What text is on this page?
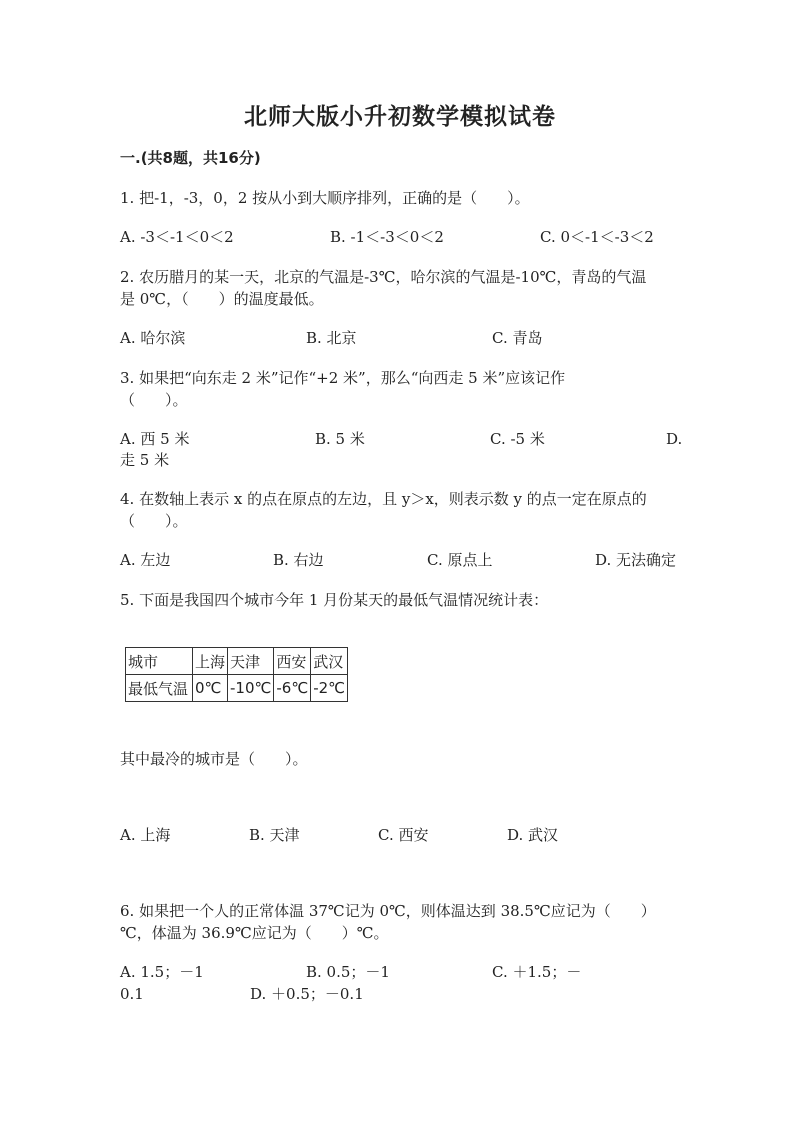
北师大版小升初数学模拟试卷
一.(共8题，共16分)
1. 把-1，-3，0，2 按从小到大顺序排列，正确的是（　　）。
A. -3＜-1＜0＜2	B. -1＜-3＜0＜2	C. 0＜-1＜-3＜2
2. 农历腊月的某一天，北京的气温是-3℃，哈尔滨的气温是-10℃，青岛的气温
是 0℃，（　　）的温度最低。
A. 哈尔滨	B. 北京	C. 青岛
3. 如果把“向东走 2 米”记作“+2 米”，那么“向西走 5 米”应该记作
（　　）。
A. 西 5 米	B. 5 米	C. -5 米	D.
走 5 米
4. 在数轴上表示 x 的点在原点的左边，且 y＞x，则表示数 y 的点一定在原点的
（　　）。
A. 左边	B. 右边	C. 原点上	D. 无法确定
5. 下面是我国四个城市今年 1 月份某天的最低气温情况统计表：
城市	上海	天津	西安	武汉
最低气温	0℃	-10℃	-6℃	-2℃
其中最冷的城市是（　　）。
A. 上海	B. 天津	C. 西安	D. 武汉
6. 如果把一个人的正常体温 37℃记为 0℃，则体温达到 38.5℃应记为（　　）
℃，体温为 36.9℃应记为（　　）℃。
A. 1.5；－1	B. 0.5；－1	C. ＋1.5；－
0.1	D. ＋0.5；－0.1
